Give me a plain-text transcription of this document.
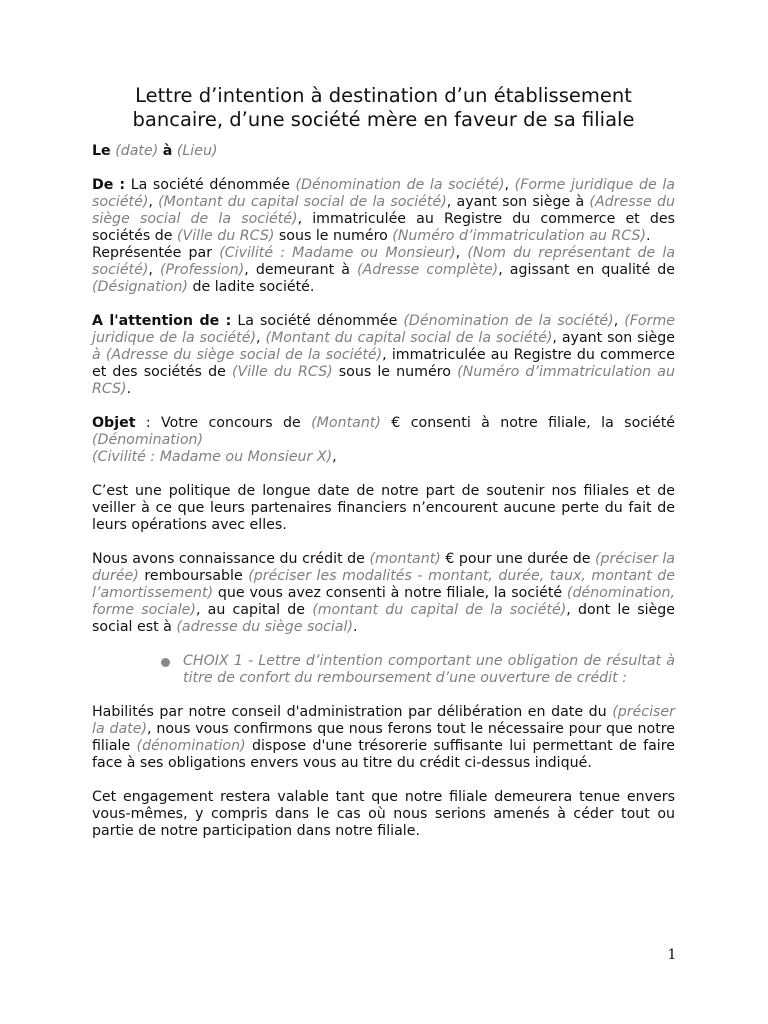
Lettre d’intention à destination d’un établissement
bancaire, d’une société mère en faveur de sa filiale

Le (date) à (Lieu)

De : La société dénommée (Dénomination de la société), (Forme juridique de la société), (Montant du capital social de la société), ayant son siège à (Adresse du siège social de la société), immatriculée au Registre du commerce et des sociétés de (Ville du RCS) sous le numéro (Numéro d’immatriculation au RCS).

Représentée par (Civilité : Madame ou Monsieur), (Nom du représentant de la société), (Profession), demeurant à (Adresse complète), agissant en qualité de (Désignation) de ladite société.

A l'attention de : La société dénommée (Dénomination de la société), (Forme juridique de la société), (Montant du capital social de la société), ayant son siège à (Adresse du siège social de la société), immatriculée au Registre du commerce et des sociétés de (Ville du RCS) sous le numéro (Numéro d’immatriculation au RCS).

Objet : Votre concours de (Montant) € consenti à notre filiale, la société (Dénomination)
(Civilité : Madame ou Monsieur X),

C’est une politique de longue date de notre part de soutenir nos filiales et de veiller à ce que leurs partenaires financiers n’encourent aucune perte du fait de leurs opérations avec elles.

Nous avons connaissance du crédit de (montant) € pour une durée de (préciser la durée) remboursable (préciser les modalités - montant, durée, taux, montant de l’amortissement) que vous avez consenti à notre filiale, la société (dénomination, forme sociale), au capital de (montant du capital de la société), dont le siège social est à (adresse du siège social).

CHOIX 1 - Lettre d’intention comportant une obligation de résultat à titre de confort du remboursement d’une ouverture de crédit :

Habilités par notre conseil d'administration par délibération en date du (préciser la date), nous vous confirmons que nous ferons tout le nécessaire pour que notre filiale (dénomination) dispose d'une trésorerie suffisante lui permettant de faire face à ses obligations envers vous au titre du crédit ci-dessus indiqué.

Cet engagement restera valable tant que notre filiale demeurera tenue envers vous-mêmes, y compris dans le cas où nous serions amenés à céder tout ou partie de notre participation dans notre filiale.

1
